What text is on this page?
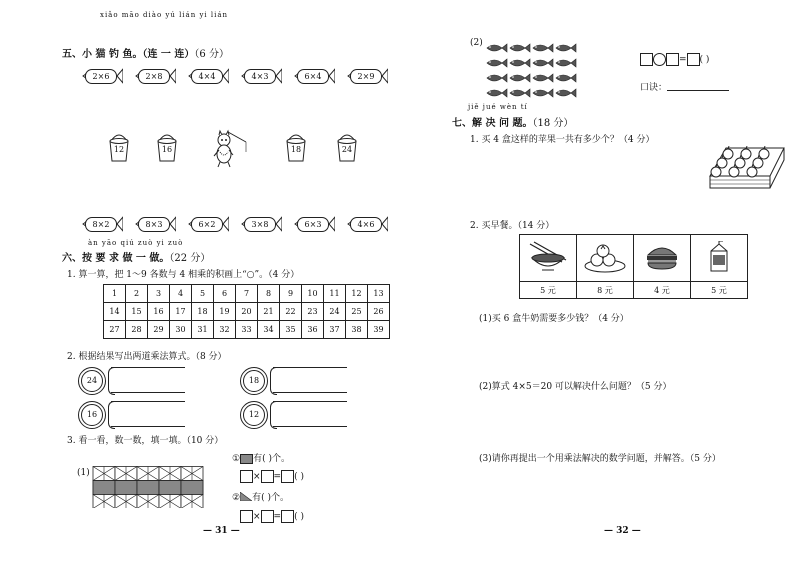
xiǎo māo diào yú lián yi lián
五、小 猫 钓 鱼。（连 一 连）（6 分）
2×6	2×8	4×4	4×3	6×4	2×9
12	16	18	24
8×2	8×3	6×2	3×8	6×3	4×6
àn yāo qiú zuò yi zuò
六、按 要 求 做 一 做。（22 分）
1. 算一算，把 1～9 各数与 4 相乘的积画上“○”。（4 分）
1	2	3	4	5	6	7	8	9	10	11	12	13
14	15	16	17	18	19	20	21	22	23	24	25	26
27	28	29	30	31	32	33	34	35	36	37	38	39
2. 根据结果写出两道乘法算式。（8 分）
24	18
16	12
3. 看一看，数一数，填一填。（10 分）
(1)
① 有( )个。
× = ( )
② 有( )个。
× = ( )
— 31 —
(2)
= ( )
口诀：
jiě jué wèn tí
七、解 决 问 题。（18 分）
1. 买 4 盒这样的苹果一共有多少个？（4 分）
2. 买早餐。（14 分）

5 元	8 元	4 元	5 元
(1)买 6 盒牛奶需要多少钱？（4 分）
(2)算式 4×5＝20 可以解决什么问题？（5 分）
(3)请你再提出一个用乘法解决的数学问题，并解答。（5 分）
— 32 —
